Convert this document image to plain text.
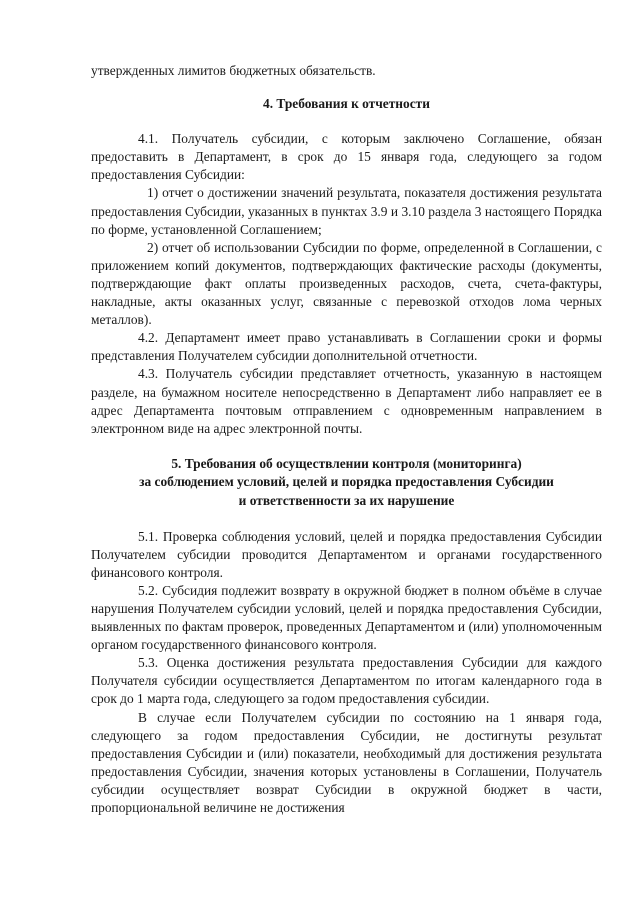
утвержденных лимитов бюджетных обязательств.

4. Требования к отчетности

4.1. Получатель субсидии, с которым заключено Соглашение, обязан предоставить в Департамент, в срок до 15 января года, следующего за годом предоставления Субсидии:

1) отчет о достижении значений результата, показателя достижения результата предоставления Субсидии, указанных в пунктах 3.9 и 3.10 раздела 3 настоящего Порядка по форме, установленной Соглашением;

2) отчет об использовании Субсидии по форме, определенной в Соглашении, с приложением копий документов, подтверждающих фактические расходы (документы, подтверждающие факт оплаты произведенных расходов, счета, счета-фактуры, накладные, акты оказанных услуг, связанные с перевозкой отходов лома черных металлов).

4.2. Департамент имеет право устанавливать в Соглашении сроки и формы представления Получателем субсидии дополнительной отчетности.

4.3. Получатель субсидии представляет отчетность, указанную в настоящем разделе, на бумажном носителе непосредственно в Департамент либо направляет ее в адрес Департамента почтовым отправлением с одновременным направлением в электронном виде на адрес электронной почты.

5. Требования об осуществлении контроля (мониторинга)
за соблюдением условий, целей и порядка предоставления Субсидии
и ответственности за их нарушение

5.1. Проверка соблюдения условий, целей и порядка предоставления Субсидии Получателем субсидии проводится Департаментом и органами государственного финансового контроля.

5.2. Субсидия подлежит возврату в окружной бюджет в полном объёме в случае нарушения Получателем субсидии условий, целей и порядка предоставления Субсидии, выявленных по фактам проверок, проведенных Департаментом и (или) уполномоченным органом государственного финансового контроля.

5.3. Оценка достижения результата предоставления Субсидии для каждого Получателя субсидии осуществляется Департаментом по итогам календарного года в срок до 1 марта года, следующего за годом предоставления субсидии.

В случае если Получателем субсидии по состоянию на 1 января года, следующего за годом предоставления Субсидии, не достигнуты результат предоставления Субсидии и (или) показатели, необходимый для достижения результата предоставления Субсидии, значения которых установлены в Соглашении, Получатель субсидии осуществляет возврат Субсидии в окружной бюджет в части, пропорциональной величине не достижения
